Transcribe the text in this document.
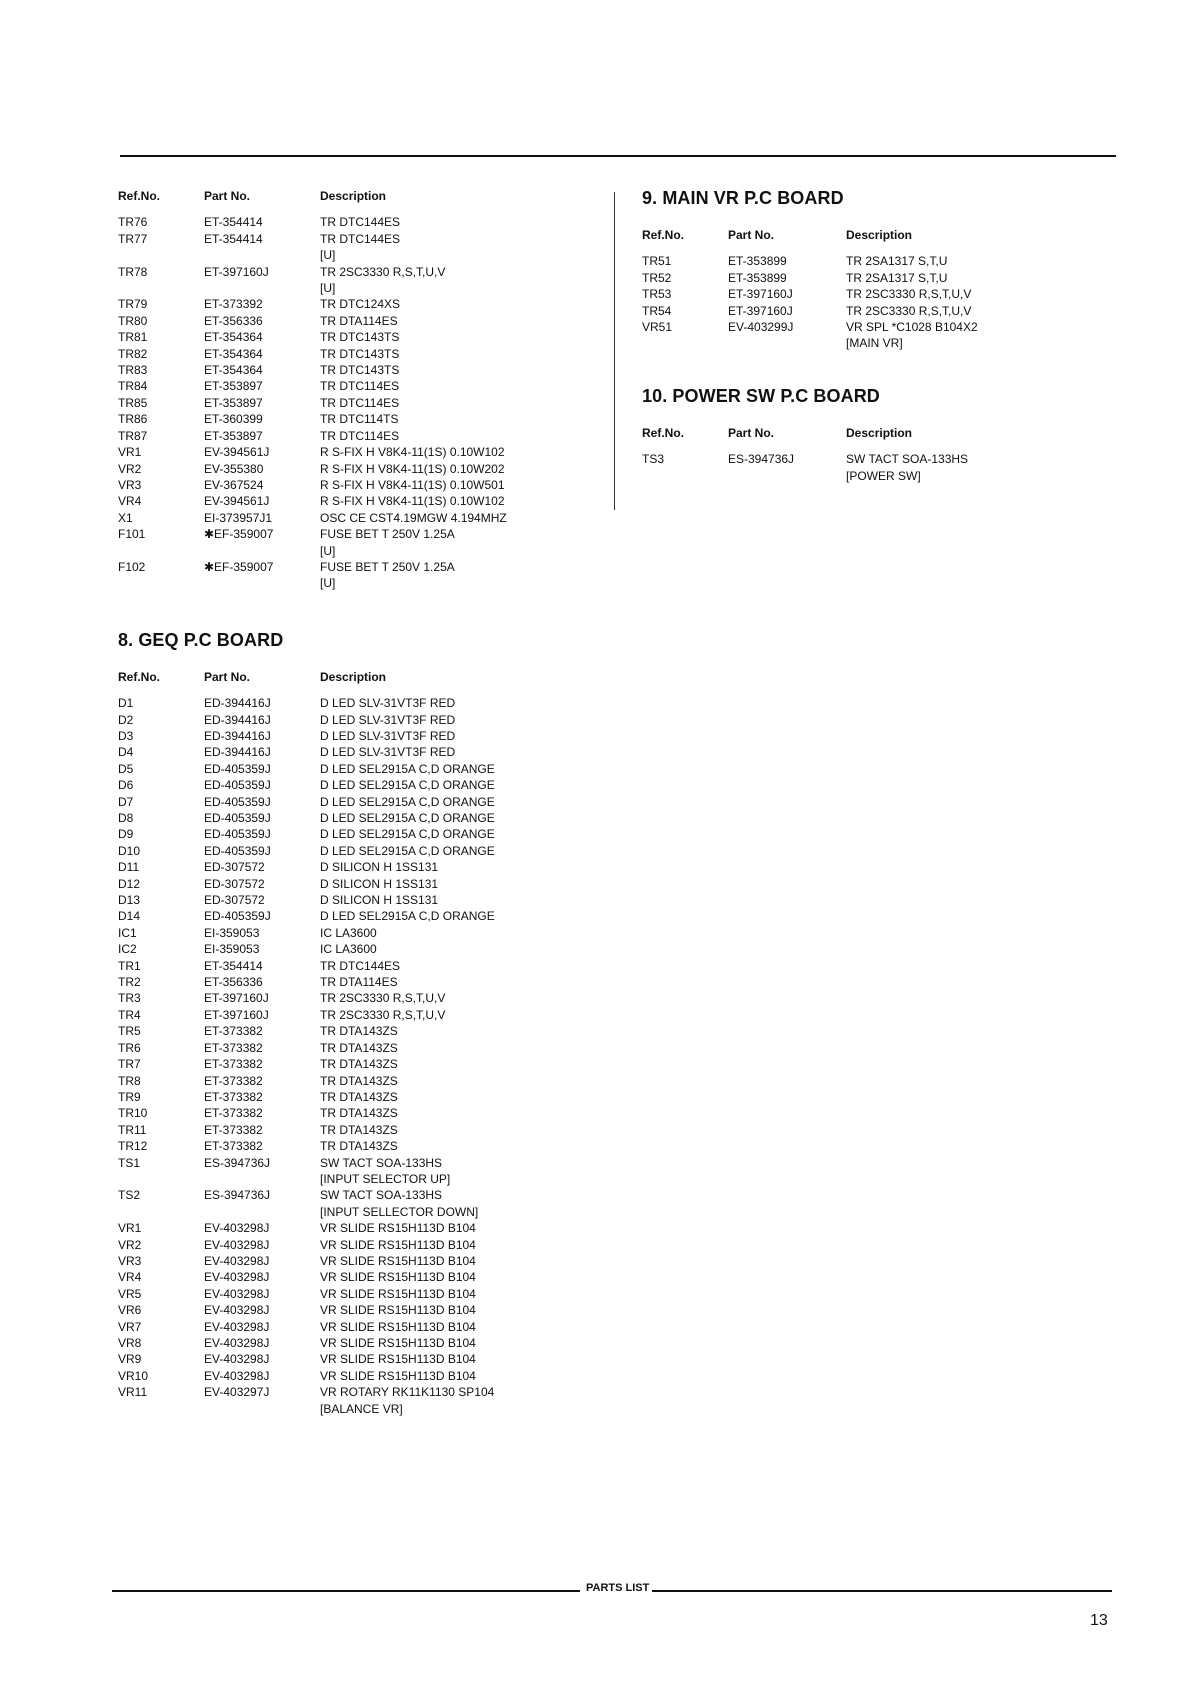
Ref.No.	Part No.	Description
TR76	ET-354414	TR DTC144ES
TR77	ET-354414	TR DTC144ES
[U]
TR78	ET-397160J	TR 2SC3330 R,S,T,U,V
[U]
TR79	ET-373392	TR DTC124XS
TR80	ET-356336	TR DTA114ES
TR81	ET-354364	TR DTC143TS
TR82	ET-354364	TR DTC143TS
TR83	ET-354364	TR DTC143TS
TR84	ET-353897	TR DTC114ES
TR85	ET-353897	TR DTC114ES
TR86	ET-360399	TR DTC114TS
TR87	ET-353897	TR DTC114ES
VR1	EV-394561J	R S-FIX H V8K4-11(1S) 0.10W102
VR2	EV-355380	R S-FIX H V8K4-11(1S) 0.10W202
VR3	EV-367524	R S-FIX H V8K4-11(1S) 0.10W501
VR4	EV-394561J	R S-FIX H V8K4-11(1S) 0.10W102
X1	EI-373957J1	OSC CE CST4.19MGW 4.194MHZ
F101	✱EF-359007	FUSE BET T 250V 1.25A
[U]
F102	✱EF-359007	FUSE BET T 250V 1.25A
[U]
8. GEQ P.C BOARD
Ref.No.	Part No.	Description
D1	ED-394416J	D LED SLV-31VT3F RED
D2	ED-394416J	D LED SLV-31VT3F RED
D3	ED-394416J	D LED SLV-31VT3F RED
D4	ED-394416J	D LED SLV-31VT3F RED
D5	ED-405359J	D LED SEL2915A C,D ORANGE
D6	ED-405359J	D LED SEL2915A C,D ORANGE
D7	ED-405359J	D LED SEL2915A C,D ORANGE
D8	ED-405359J	D LED SEL2915A C,D ORANGE
D9	ED-405359J	D LED SEL2915A C,D ORANGE
D10	ED-405359J	D LED SEL2915A C,D ORANGE
D11	ED-307572	D SILICON H 1SS131
D12	ED-307572	D SILICON H 1SS131
D13	ED-307572	D SILICON H 1SS131
D14	ED-405359J	D LED SEL2915A C,D ORANGE
IC1	EI-359053	IC LA3600
IC2	EI-359053	IC LA3600
TR1	ET-354414	TR DTC144ES
TR2	ET-356336	TR DTA114ES
TR3	ET-397160J	TR 2SC3330 R,S,T,U,V
TR4	ET-397160J	TR 2SC3330 R,S,T,U,V
TR5	ET-373382	TR DTA143ZS
TR6	ET-373382	TR DTA143ZS
TR7	ET-373382	TR DTA143ZS
TR8	ET-373382	TR DTA143ZS
TR9	ET-373382	TR DTA143ZS
TR10	ET-373382	TR DTA143ZS
TR11	ET-373382	TR DTA143ZS
TR12	ET-373382	TR DTA143ZS
TS1	ES-394736J	SW TACT SOA-133HS
[INPUT SELECTOR UP]
TS2	ES-394736J	SW TACT SOA-133HS
[INPUT SELLECTOR DOWN]
VR1	EV-403298J	VR SLIDE RS15H113D B104
VR2	EV-403298J	VR SLIDE RS15H113D B104
VR3	EV-403298J	VR SLIDE RS15H113D B104
VR4	EV-403298J	VR SLIDE RS15H113D B104
VR5	EV-403298J	VR SLIDE RS15H113D B104
VR6	EV-403298J	VR SLIDE RS15H113D B104
VR7	EV-403298J	VR SLIDE RS15H113D B104
VR8	EV-403298J	VR SLIDE RS15H113D B104
VR9	EV-403298J	VR SLIDE RS15H113D B104
VR10	EV-403298J	VR SLIDE RS15H113D B104
VR11	EV-403297J	VR ROTARY RK11K1130 SP104
[BALANCE VR]
9. MAIN VR P.C BOARD
Ref.No.	Part No.	Description
TR51	ET-353899	TR 2SA1317 S,T,U
TR52	ET-353899	TR 2SA1317 S,T,U
TR53	ET-397160J	TR 2SC3330 R,S,T,U,V
TR54	ET-397160J	TR 2SC3330 R,S,T,U,V
VR51	EV-403299J	VR SPL *C1028 B104X2
[MAIN VR]
10. POWER SW P.C BOARD
Ref.No.	Part No.	Description
TS3	ES-394736J	SW TACT SOA-133HS
[POWER SW]
PARTS LIST
13
